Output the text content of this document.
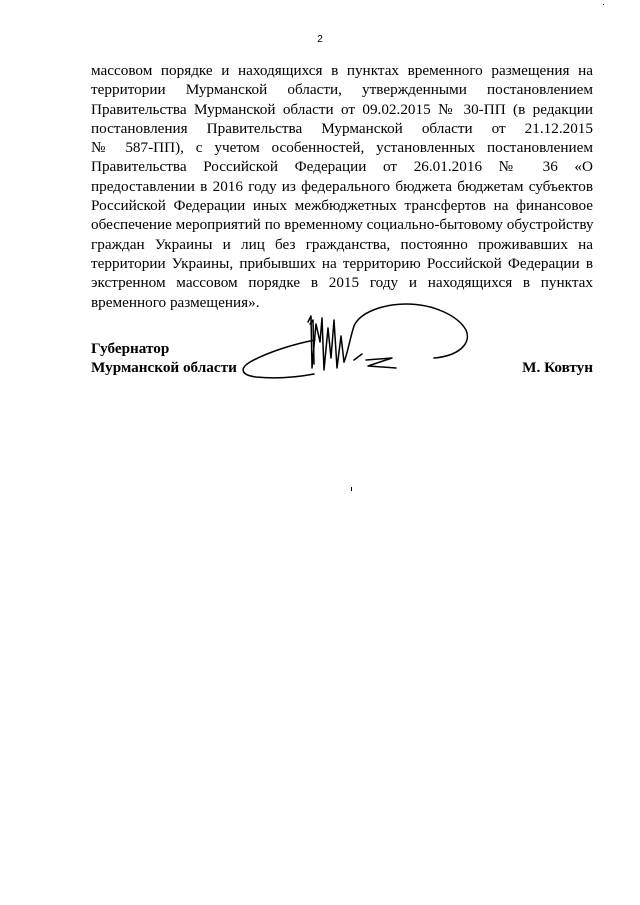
2
массовом порядке и находящихся в пунктах временного размещения на
территории Мурманской области, утвержденными постановлением
Правительства Мурманской области от 09.02.2015 № 30-ПП (в редакции
постановления Правительства Мурманской области от 21.12.2015
№ 587-ПП), с учетом особенностей, установленных постановлением
Правительства Российской Федерации от 26.01.2016 № 36 «О
предоставлении в 2016 году из федерального бюджета бюджетам субъектов
Российской Федерации иных межбюджетных трансфертов на финансовое
обеспечение мероприятий по временному социально-бытовому обустройству
граждан Украины и лиц без гражданства, постоянно проживавших на
территории Украины, прибывших на территорию Российской Федерации в
экстренном массовом порядке в 2015 году и находящихся в пунктах
временного размещения».
Губернатор
Мурманской области	М. Ковтун
